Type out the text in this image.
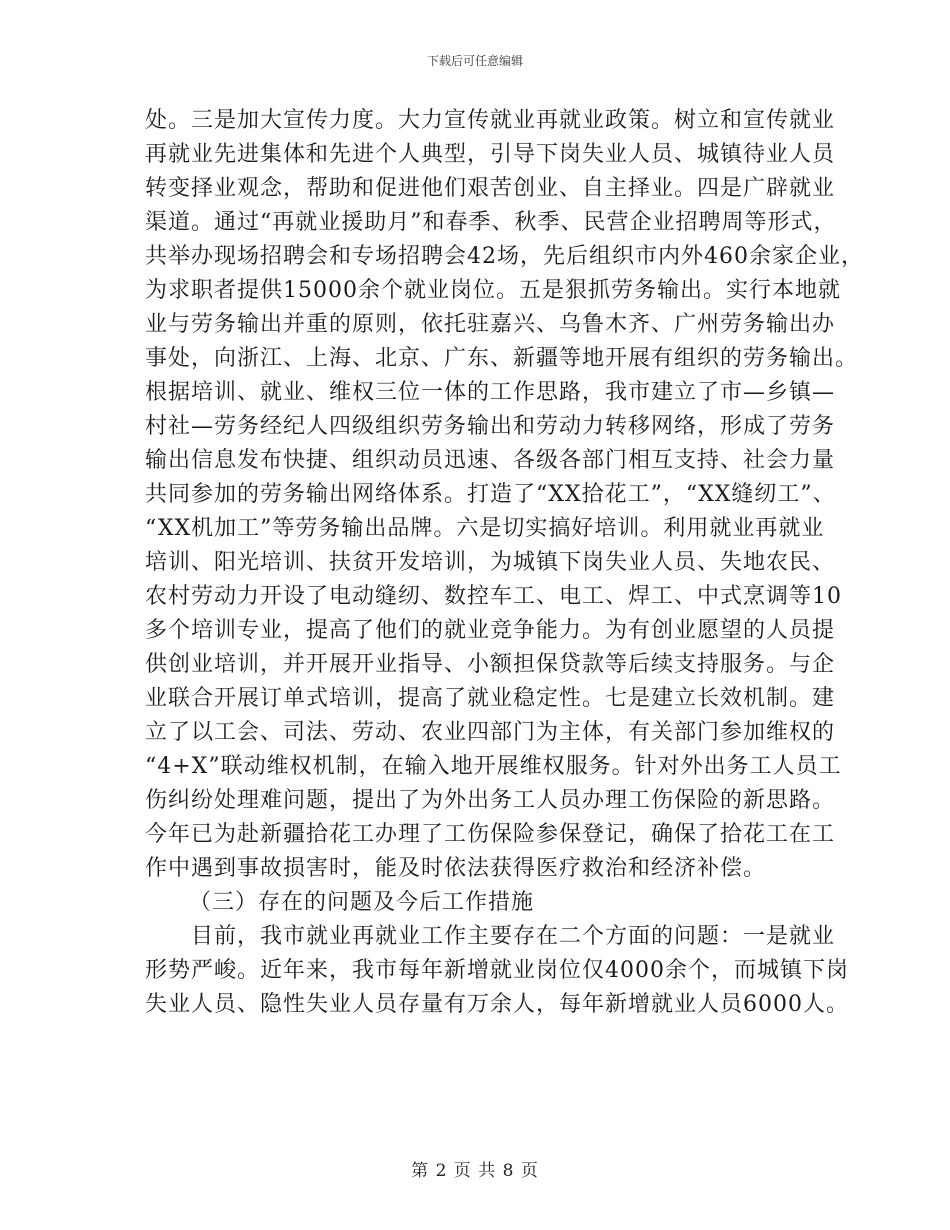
下载后可任意编辑
处。三是加大宣传力度。大力宣传就业再就业政策。树立和宣传就业
再就业先进集体和先进个人典型，引导下岗失业人员、城镇待业人员
转变择业观念，帮助和促进他们艰苦创业、自主择业。四是广辟就业
渠道。通过“再就业援助月”和春季、秋季、民营企业招聘周等形式，
共举办现场招聘会和专场招聘会42场，先后组织市内外460余家企业，
为求职者提供15000余个就业岗位。五是狠抓劳务输出。实行本地就
业与劳务输出并重的原则，依托驻嘉兴、乌鲁木齐、广州劳务输出办
事处，向浙江、上海、北京、广东、新疆等地开展有组织的劳务输出。
根据培训、就业、维权三位一体的工作思路，我市建立了市—乡镇—
村社—劳务经纪人四级组织劳务输出和劳动力转移网络，形成了劳务
输出信息发布快捷、组织动员迅速、各级各部门相互支持、社会力量
共同参加的劳务输出网络体系。打造了“XX拾花工”，“XX缝纫工”、
“XX机加工”等劳务输出品牌。六是切实搞好培训。利用就业再就业
培训、阳光培训、扶贫开发培训，为城镇下岗失业人员、失地农民、
农村劳动力开设了电动缝纫、数控车工、电工、焊工、中式烹调等10
多个培训专业，提高了他们的就业竞争能力。为有创业愿望的人员提
供创业培训，并开展开业指导、小额担保贷款等后续支持服务。与企
业联合开展订单式培训，提高了就业稳定性。七是建立长效机制。建
立了以工会、司法、劳动、农业四部门为主体，有关部门参加维权的
“4+X”联动维权机制，在输入地开展维权服务。针对外出务工人员工
伤纠纷处理难问题，提出了为外出务工人员办理工伤保险的新思路。
今年已为赴新疆拾花工办理了工伤保险参保登记，确保了拾花工在工
作中遇到事故损害时，能及时依法获得医疗救治和经济补偿。
（三）存在的问题及今后工作措施
目前，我市就业再就业工作主要存在二个方面的问题：一是就业
形势严峻。近年来，我市每年新增就业岗位仅4000余个，而城镇下岗
失业人员、隐性失业人员存量有万余人，每年新增就业人员6000人。
第 2 页 共 8 页
